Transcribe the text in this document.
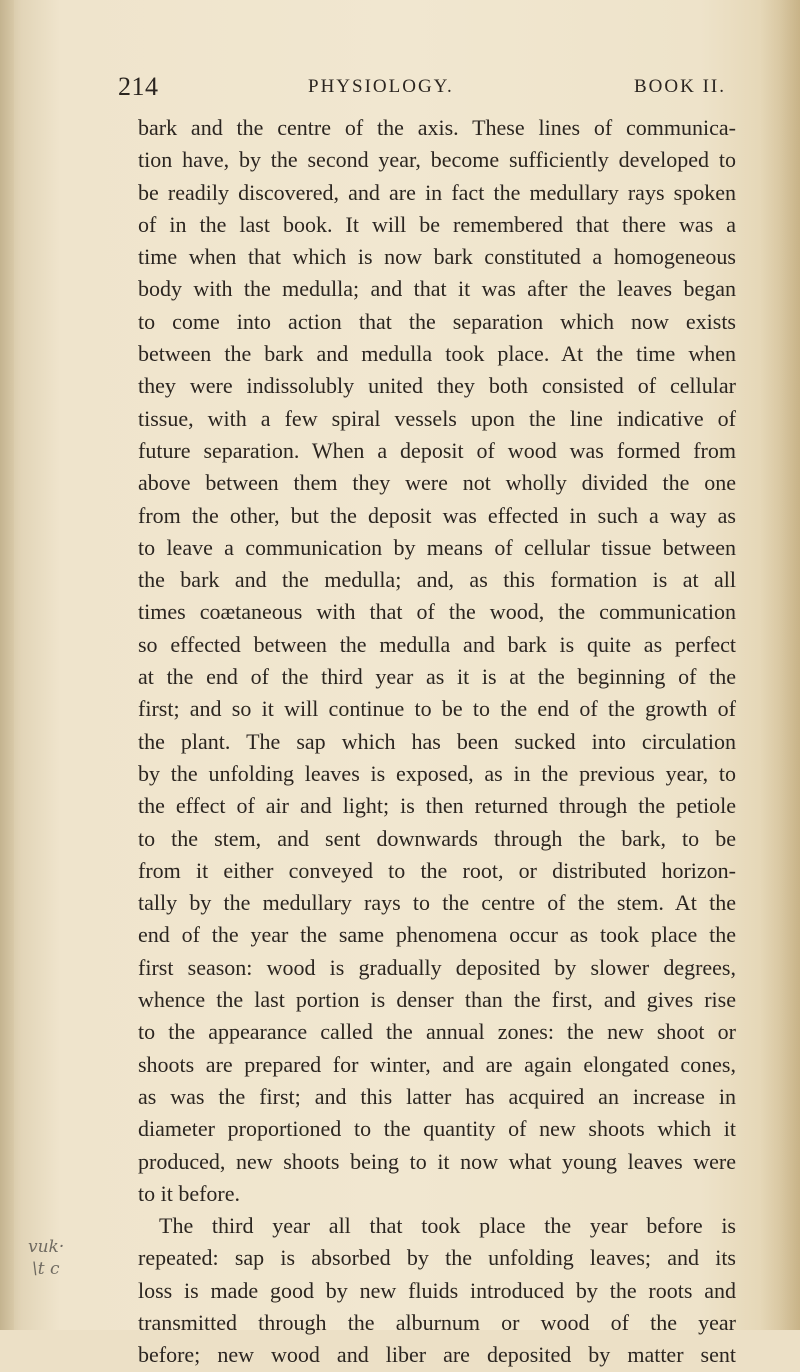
214	PHYSIOLOGY.	BOOK II.
bark and the centre of the axis. These lines of communica-
tion have, by the second year, become sufficiently developed to
be readily discovered, and are in fact the medullary rays spoken
of in the last book. It will be remembered that there was a
time when that which is now bark constituted a homogeneous
body with the medulla; and that it was after the leaves began
to come into action that the separation which now exists
between the bark and medulla took place. At the time when
they were indissolubly united they both consisted of cellular
tissue, with a few spiral vessels upon the line indicative of
future separation. When a deposit of wood was formed from
above between them they were not wholly divided the one
from the other, but the deposit was effected in such a way as
to leave a communication by means of cellular tissue between
the bark and the medulla; and, as this formation is at all
times coætaneous with that of the wood, the communication
so effected between the medulla and bark is quite as perfect
at the end of the third year as it is at the beginning of the
first; and so it will continue to be to the end of the growth of
the plant. The sap which has been sucked into circulation
by the unfolding leaves is exposed, as in the previous year, to
the effect of air and light; is then returned through the petiole
to the stem, and sent downwards through the bark, to be
from it either conveyed to the root, or distributed horizon-
tally by the medullary rays to the centre of the stem. At the
end of the year the same phenomena occur as took place the
first season: wood is gradually deposited by slower degrees,
whence the last portion is denser than the first, and gives rise
to the appearance called the annual zones: the new shoot or
shoots are prepared for winter, and are again elongated cones,
as was the first; and this latter has acquired an increase in
diameter proportioned to the quantity of new shoots which it
produced, new shoots being to it now what young leaves were
to it before.
The third year all that took place the year before is
repeated: sap is absorbed by the unfolding leaves; and its
loss is made good by new fluids introduced by the roots and
transmitted through the alburnum or wood of the year
before; new wood and liber are deposited by matter sent
vuk·
\t c
